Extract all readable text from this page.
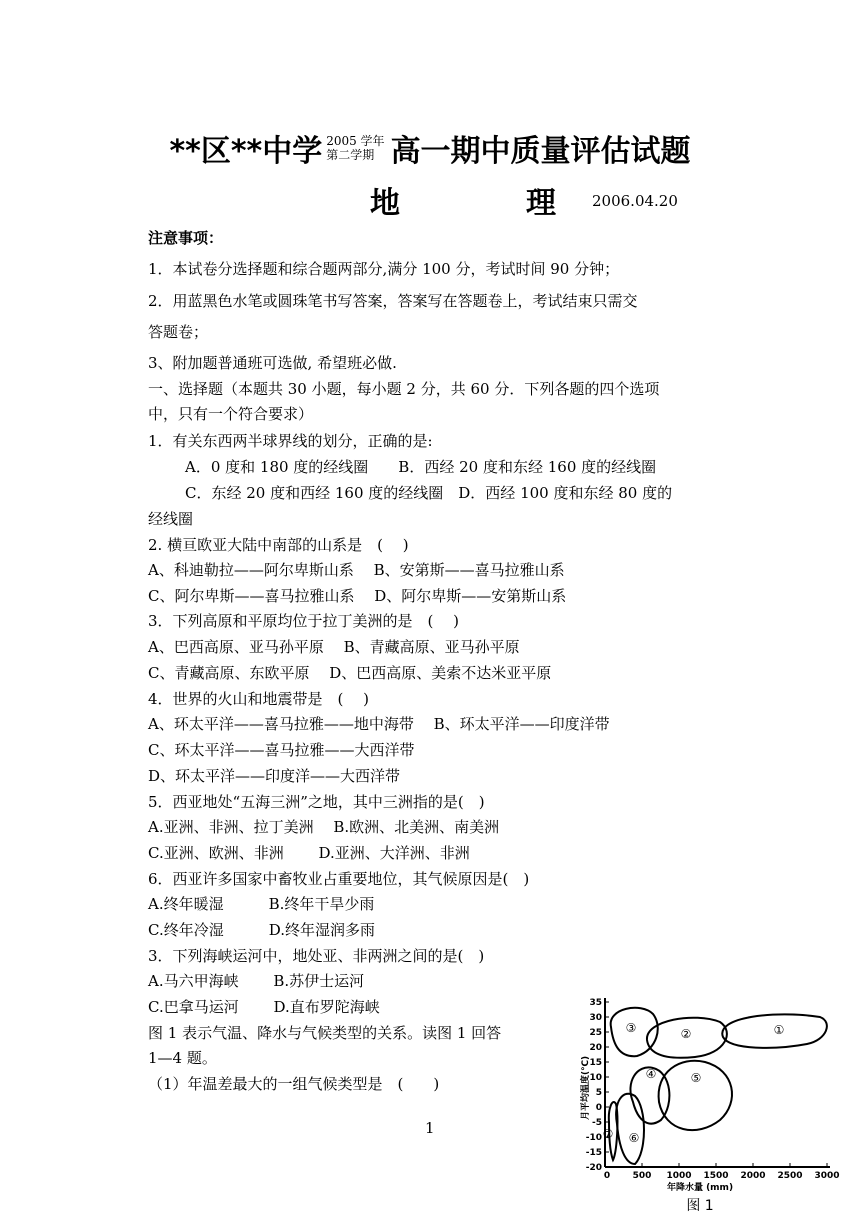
**区**中学 2005 学年
第二学期 高一期中质量评估试题
地　理
2006.04.20
注意事项：
1．本试卷分选择题和综合题两部分,满分 100 分，考试时间 90 分钟；
2．用蓝黑色水笔或圆珠笔书写答案，答案写在答题卷上，考试结束只需交
答题卷；
3、附加题普通班可选做, 希望班必做.
一、选择题（本题共 30 小题，每小题 2 分，共 60 分．下列各题的四个选项
中，只有一个符合要求）
1．有关东西两半球界线的划分，正确的是:
A．0 度和 180 度的经线圈　　B．西经 20 度和东经 160 度的经线圈
C．东经 20 度和西经 160 度的经线圈　D．西经 100 度和东经 80 度的
经线圈
2. 横亘欧亚大陆中南部的山系是　(　 )
A、科迪勒拉——阿尔卑斯山系　 B、安第斯——喜马拉雅山系
C、阿尔卑斯——喜马拉雅山系　 D、阿尔卑斯——安第斯山系
3．下列高原和平原均位于拉丁美洲的是　(　 )
A、巴西高原、亚马孙平原　 B、青藏高原、亚马孙平原
C、青藏高原、东欧平原　 D、巴西高原、美索不达米亚平原
4．世界的火山和地震带是　(　 )
A、环太平洋——喜马拉雅——地中海带　 B、环太平洋——印度洋带
C、环太平洋——喜马拉雅——大西洋带
D、环太平洋——印度洋——大西洋带
5．西亚地处“五海三洲”之地，其中三洲指的是(　)
A.亚洲、非洲、拉丁美洲　 B.欧洲、北美洲、南美洲
C.亚洲、欧洲、非洲　　 D.亚洲、大洋洲、非洲
6．西亚许多国家中畜牧业占重要地位，其气候原因是(　)
A.终年暖湿　　　B.终年干旱少雨
C.终年冷湿　　　D.终年湿润多雨
3．下列海峡运河中，地处亚、非两洲之间的是(　)
A.马六甲海峡　　 B.苏伊士运河
C.巴拿马运河　　 D.直布罗陀海峡
图 1 表示气温、降水与气候类型的关系。读图 1 回答
1—4 题。
（1）年温差最大的一组气候类型是　(　　)
1
月平均温度(℃)
35
30
25
20
15
10
5
0
-5
-10
-15
-20
0 500 1000 1500 2000 2500 3000
年降水量 (mm)
①
②
③
④	⑤
⑥
⑦
图 1
